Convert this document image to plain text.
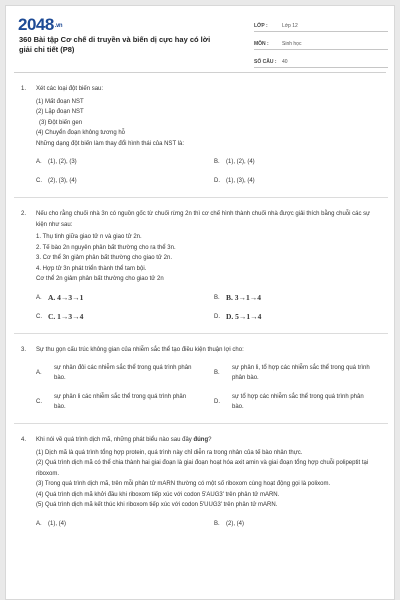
2048.vn
360 Bài tập Cơ chế di truyền và biến dị cực hay có lời giải chi tiết (P8)
LỚP :	Lớp 12
MÔN :	Sinh học
SỐ CÂU :	40
1. Xét các loại đột biến sau:
(1) Mất đoạn NST
(2) Lặp đoạn NST
(3) Đột biến gen
(4) Chuyển đoạn không tương hỗ
Những dạng đột biến làm thay đổi hình thái của NST là:
A.	(1), (2), (3)	B.	(1), (2), (4)
C.	(2), (3), (4)	D.	(1), (3), (4)
2. Nếu cho rằng chuối nhà 3n có nguồn gốc từ chuối rừng 2n thì cơ chế hình thành chuối nhà được giải thích bằng chuỗi các sự kiện như sau:
1. Thụ tinh giữa giao tử n và giao tử 2n.
2. Tế bào 2n nguyên phân bất thường cho ra thể 3n.
3. Cơ thể 3n giảm phân bất thường cho giao tử 2n.
4. Hợp tử 3n phát triển thành thể tam bội.
Cơ thể 2n giảm phân bất thường cho giao tử 2n
A. A. 4→3→1	B. B. 3→1→4
C. C. 1→3→4	D. D. 5→1→4
3. Sự thu gọn cấu trúc không gian của nhiễm sắc thể tạo điều kiện thuận lợi cho:
A.
sự nhân đôi các nhiễm sắc thể trong quá trình phân bào.
B.
sự phân li, tổ hợp các nhiễm sắc thể trong quá trình phân bào.
C.
sự phân li các nhiễm sắc thể trong quá trình phân bào.
D.
sự tổ hợp các nhiễm sắc thể trong quá trình phân bào.
4. Khi nói về quá trình dịch mã, những phát biểu nào sau đây đúng?
(1) Dịch mã là quá trình tổng hợp protein, quá trình này chỉ diễn ra trong nhân của tế bào nhân thực.
(2) Quá trình dịch mã có thể chia thành hai giai đoạn là giai đoạn hoạt hóa axit amin và giai đoạn tổng hợp chuỗi polipeptit tại riboxom.
(3) Trong quá trình dịch mã, trên mỗi phân tử mARN thường có một số riboxom cùng hoạt động gọi là polixom.
(4) Quá trình dịch mã khởi đầu khi riboxom tiếp xúc với codon 5'AUG3' trên phân tử mARN.
(5) Quá trình dịch mã kết thúc khi riboxom tiếp xúc với codon 5'UUG3' trên phân tử mARN.
A.	(1), (4)	B.	(2), (4)
